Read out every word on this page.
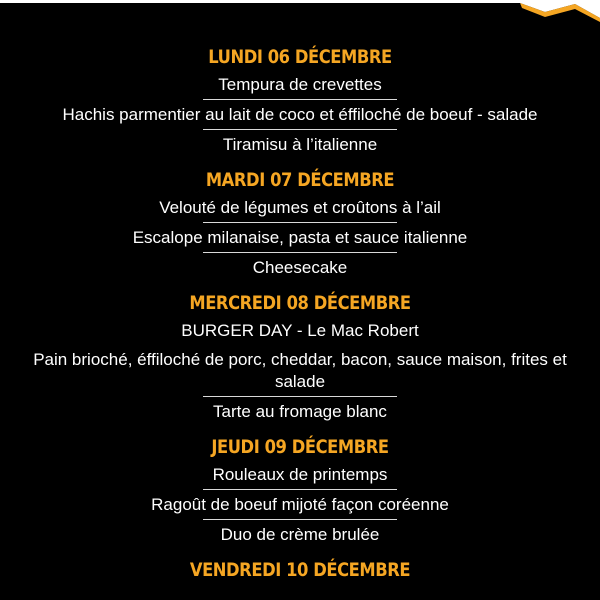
LUNDI 06 DÉCEMBRE
Tempura de crevettes
Hachis parmentier au lait de coco et éffiloché de boeuf - salade
Tiramisu à l’italienne
MARDI 07 DÉCEMBRE
Velouté de légumes et croûtons à l’ail
Escalope milanaise, pasta et sauce italienne
Cheesecake
MERCREDI 08 DÉCEMBRE
BURGER DAY - Le Mac Robert
Pain brioché, éffiloché de porc, cheddar, bacon, sauce maison, frites et salade
Tarte au fromage blanc
JEUDI 09 DÉCEMBRE
Rouleaux de printemps
Ragoût de boeuf mijoté façon coréenne
Duo de crème brulée
VENDREDI 10 DÉCEMBRE
